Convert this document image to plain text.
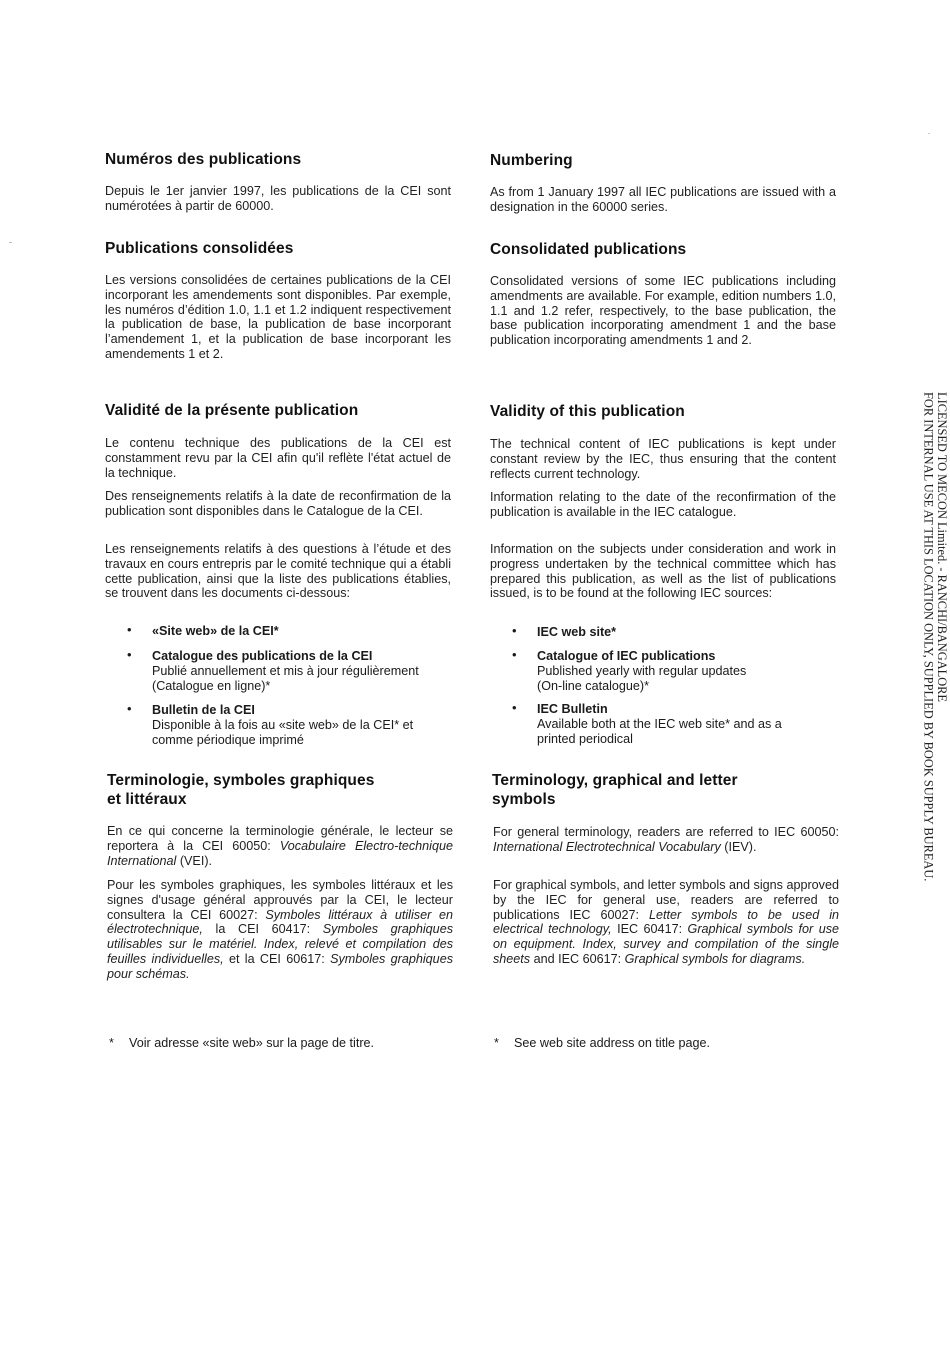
Numéros des publications

Depuis le 1er janvier 1997, les publications de la CEI sont numérotées à partir de 60000.

Publications consolidées

Les versions consolidées de certaines publications de la CEI incorporant les amendements sont disponibles. Par exemple, les numéros d’édition 1.0, 1.1 et 1.2 indiquent respectivement la publication de base, la publication de base incorporant l’amendement 1, et la publication de base incorporant les amendements 1 et 2.

Validité de la présente publication

Le contenu technique des publications de la CEI est constamment revu par la CEI afin qu'il reflète l'état actuel de la technique.

Des renseignements relatifs à la date de reconfirmation de la publication sont disponibles dans le Catalogue de la CEI.

Les renseignements relatifs à des questions à l’étude et des travaux en cours entrepris par le comité technique qui a établi cette publication, ainsi que la liste des publications établies, se trouvent dans les documents ci-dessous:

• «Site web» de la CEI*
• Catalogue des publications de la CEI
Publié annuellement et mis à jour régulièrement
(Catalogue en ligne)*
• Bulletin de la CEI
Disponible à la fois au «site web» de la CEI* et
comme périodique imprimé
Terminologie, symboles graphiques
et littéraux

En ce qui concerne la terminologie générale, le lecteur se reportera à la CEI 60050: Vocabulaire Electro-technique International (VEI).

Pour les symboles graphiques, les symboles littéraux et les signes d'usage général approuvés par la CEI, le lecteur consultera la CEI 60027: Symboles littéraux à utiliser en électrotechnique, la CEI 60417: Symboles graphiques utilisables sur le matériel. Index, relevé et compilation des feuilles individuelles, et la CEI 60617: Symboles graphiques pour schémas.

Numbering

As from 1 January 1997 all IEC publications are issued with a designation in the 60000 series.

Consolidated publications

Consolidated versions of some IEC publications including amendments are available. For example, edition numbers 1.0, 1.1 and 1.2 refer, respectively, to the base publication, the base publication incorporating amendment 1 and the base publication incorporating amendments 1 and 2.

Validity of this publication

The technical content of IEC publications is kept under constant review by the IEC, thus ensuring that the content reflects current technology.

Information relating to the date of the reconfirmation of the publication is available in the IEC catalogue.

Information on the subjects under consideration and work in progress undertaken by the technical committee which has prepared this publication, as well as the list of publications issued, is to be found at the following IEC sources:

• IEC web site*
• Catalogue of IEC publications
Published yearly with regular updates
(On-line catalogue)*
• IEC Bulletin
Available both at the IEC web site* and as a
printed periodical
Terminology, graphical and letter
symbols

For general terminology, readers are referred to IEC 60050: International Electrotechnical Vocabulary (IEV).

For graphical symbols, and letter symbols and signs approved by the IEC for general use, readers are referred to publications IEC 60027: Letter symbols to be used in electrical technology, IEC 60417: Graphical symbols for use on equipment. Index, survey and compilation of the single sheets and IEC 60617: Graphical symbols for diagrams.

* Voir adresse «site web» sur la page de titre.	* See web site address on title page.
LICENSED TO MECON Limited. - RANCHI/BANGALORE
FOR INTERNAL USE AT THIS LOCATION ONLY, SUPPLIED BY BOOK SUPPLY BUREAU.
